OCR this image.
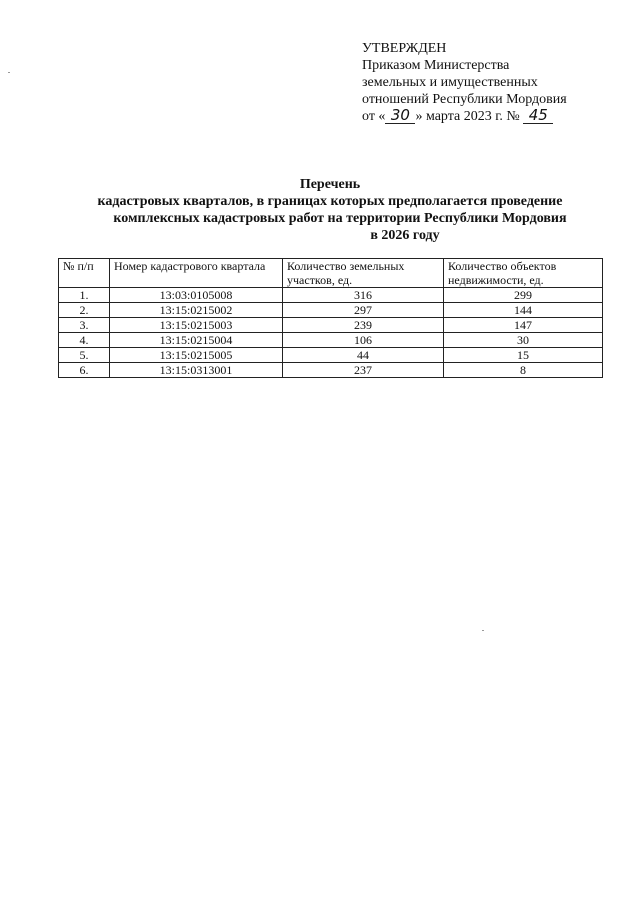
УТВЕРЖДЕН
Приказом Министерства
земельных и имущественных
отношений Республики Мордовия
от « 30 » марта 2023 г. № 45
Перечень
кадастровых кварталов, в границах которых предполагается проведение
комплексных кадастровых работ на территории Республики Мордовия
в 2026 году
№ п/п	Номер кадастрового квартала	Количество земельных участков, ед.	Количество объектов недвижимости, ед.
1.	13:03:0105008	316	299
2.	13:15:0215002	297	144
3.	13:15:0215003	239	147
4.	13:15:0215004	106	30
5.	13:15:0215005	44	15
6.	13:15:0313001	237	8
